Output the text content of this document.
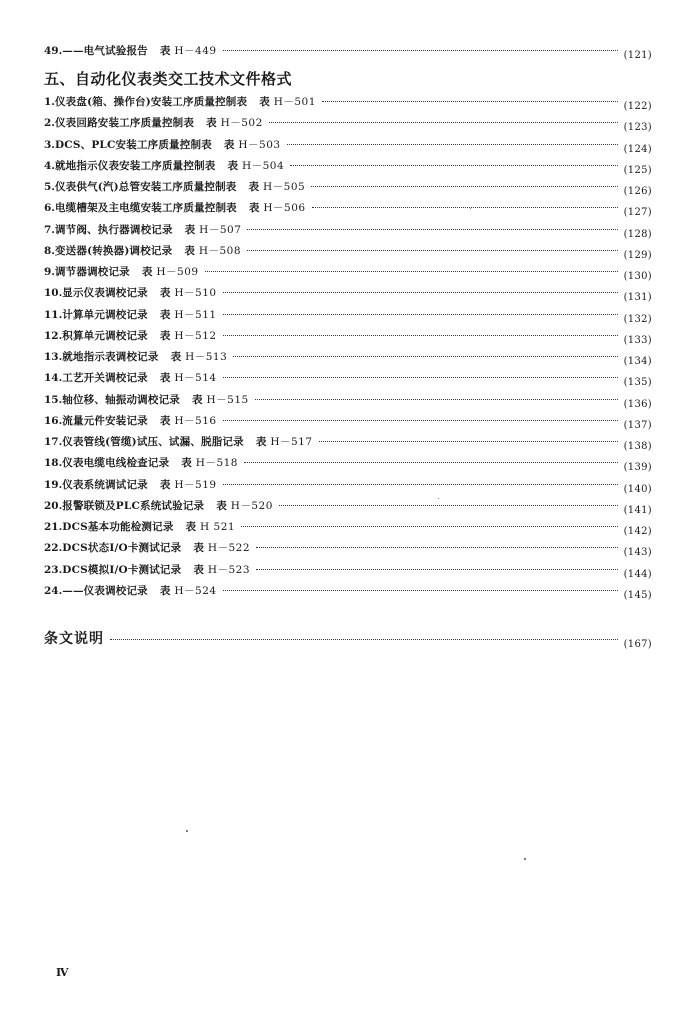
49. ——电气试验报告 表 H－449	(121)
五、自动化仪表类交工技术文件格式
1. 仪表盘(箱、操作台)安装工序质量控制表 表 H－501	(122)
2. 仪表回路安装工序质量控制表 表 H－502	(123)
3. DCS、PLC安装工序质量控制表 表 H－503	(124)
4. 就地指示仪表安装工序质量控制表 表 H－504	(125)
5. 仪表供气(汽)总管安装工序质量控制表 表 H－505	(126)
6. 电缆槽架及主电缆安装工序质量控制表 表 H－506	(127)
7. 调节阀、执行器调校记录 表 H－507	(128)
8. 变送器(转换器)调校记录 表 H－508	(129)
9. 调节器调校记录 表 H－509	(130)
10. 显示仪表调校记录 表 H－510	(131)
11. 计算单元调校记录 表 H－511	(132)
12. 积算单元调校记录 表 H－512	(133)
13. 就地指示表调校记录 表 H－513	(134)
14. 工艺开关调校记录 表 H－514	(135)
15. 轴位移、轴振动调校记录 表 H－515	(136)
16. 流量元件安装记录 表 H－516	(137)
17. 仪表管线(管缆)试压、试漏、脱脂记录 表 H－517	(138)
18. 仪表电缆电线检查记录 表 H－518	(139)
19. 仪表系统调试记录 表 H－519	(140)
20. 报警联锁及PLC系统试验记录 表 H－520	(141)
21. DCS基本功能检测记录 表 H 521	(142)
22. DCS状态I/O卡测试记录 表 H－522	(143)
23. DCS模拟I/O卡测试记录 表 H－523	(144)
24. ——仪表调校记录 表 H－524	(145)
条文说明	(167)
Ⅳ
